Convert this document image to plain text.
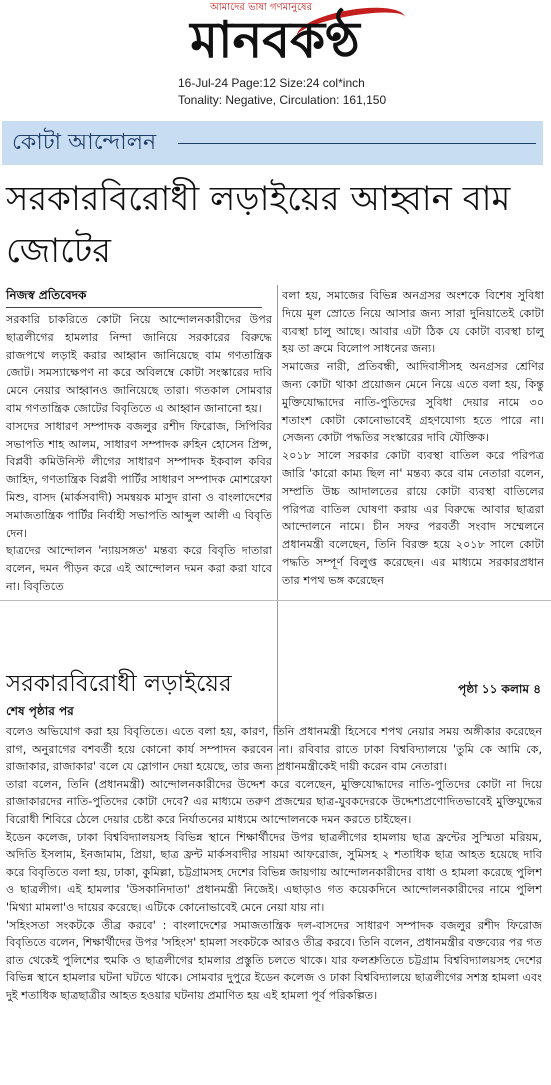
আমাদের ভাষা গণমানুষের
মানবকণ্ঠ
16-Jul-24 Page:12 Size:24 col*inch
Tonality: Negative, Circulation: 161,150
কোটা আন্দোলন
সরকারবিরোধী লড়াইয়ের আহ্বান বাম জোটের
নিজস্ব প্রতিবেদক

সরকারি চাকরিতে কোটা নিয়ে আন্দোলনকারীদের উপর ছাত্রলীগের হামলার নিন্দা জানিয়ে সরকারের বিরুদ্ধে রাজপথে লড়াই করার আহ্বান জানিয়েছে বাম গণতান্ত্রিক জোট। সমস্যাক্ষেপণ না করে অবিলম্বে কোটা সংস্কারের দাবি মেনে নেয়ার আহ্বানও জানিয়েছে তারা। গতকাল সোমবার বাম গণতান্ত্রিক জোটের বিবৃতিতে এ আহ্বান জানানো হয়।

বাসদের সাধারণ সম্পাদক বজলুর রশীদ ফিরোজ, সিপিবির সভাপতি শাহ আলম, সাধারণ সম্পাদক রুহিন হোসেন প্রিন্স, বিপ্লবী কমিউনিস্ট লীগের সাধারণ সম্পাদক ইকবাল কবির জাহিদ, গণতান্ত্রিক বিপ্লবী পার্টির সাধারণ সম্পাদক মোশরেফা মিশু, বাসদ (মার্কসবাদী) সমন্বয়ক মাসুদ রানা ও বাংলাদেশের সমাজতান্ত্রিক পার্টির নির্বাহী সভাপতি আব্দুল আলী এ বিবৃতি দেন।

ছাত্রদের আন্দোলন 'ন্যায়সঙ্গত' মন্তব্য করে বিবৃতি দাতারা বলেন, দমন পীড়ন করে এই আন্দোলন দমন করা করা যাবে না। বিবৃতিতে

বলা হয়, সমাজের বিভিন্ন অনগ্রসর অংশকে বিশেষ সুবিধা দিয়ে মূল স্রোতে নিয়ে আসার জন্য সারা দুনিয়াতেই কোটা ব্যবস্থা চালু আছে। আবার এটা ঠিক যে কোটা ব্যবস্থা চালু হয় তা ক্রমে বিলোপ সাধনের জন্য।

সমাজের নারী, প্রতিবন্ধী, আদিবাসীসহ অনগ্রসর শ্রেণির জন্য কোটা থাকা প্রয়োজন মেনে নিয়ে এতে বলা হয়, কিন্তু মুক্তিযোদ্ধাদের নাতি-পুতিদের সুবিধা দেয়ার নামে ৩০ শতাংশ কোটা কোনোভাবেই গ্রহণযোগ্য হতে পারে না। সেজন্য কোটা পদ্ধতির সংস্কারের দাবি যৌক্তিক।

২০১৮ সালে সরকার কোটা ব্যবস্থা বাতিল করে পরিপত্র জারি 'কারো কাম্য ছিল না' মন্তব্য করে বাম নেতারা বলেন, সম্প্রতি উচ্চ আদালতের রায়ে কোটা ব্যবস্থা বাতিলের পরিপত্র বাতিল ঘোষণা করায় এর বিরুদ্ধে আবার ছাত্ররা আন্দোলনে নামে। চীন সফর পরবর্তী সংবাদ সম্মেলনে প্রধানমন্ত্রী বলেছেন, তিনি বিরক্ত হয়ে ২০১৮ সালে কোটা পদ্ধতি সম্পূর্ণ বিলুপ্ত করেছেন। এর মাধ্যমে সরকারপ্রধান তার শপথ ভঙ্গ করেছেন

পৃষ্ঠা ১১ কলাম ৪
সরকারবিরোধী লড়াইয়ের
শেষ পৃষ্ঠার পর

বলেও অভিযোগ করা হয় বিবৃতিতে। এতে বলা হয়, কারণ, তিনি প্রধানমন্ত্রী হিসেবে শপথ নেয়ার সময় অঙ্গীকার করেছেন রাগ, অনুরাগের বশবর্তী হয়ে কোনো কার্য সম্পাদন করবেন না। রবিবার রাতে ঢাকা বিশ্ববিদ্যালয়ে 'তুমি কে আমি কে, রাজাকার, রাজাকার' বলে যে স্লোগান দেয়া হয়েছে, তার জন্য প্রধানমন্ত্রীকেই দায়ী করেন বাম নেতারা।

তারা বলেন, তিনি (প্রধানমন্ত্রী) আন্দোলনকারীদের উদ্দেশ করে বলেছেন, মুক্তিযোদ্ধাদের নাতি-পুতিদের কোটা না দিয়ে রাজাকারদের নাতি-পুতিদের কোটা দেবে? এর মাধ্যমে তরুণ প্রজন্মের ছাত্র-যুবকদেরকে উদ্দেশ্যপ্রণোদিতভাবেই মুক্তিযুদ্ধের বিরোধী শিবিরে ঠেলে দেয়ার চেষ্টা করে নির্যাতনের মাধ্যমে আন্দোলনকে দমন করতে চাইছেন।

ইডেন কলেজ, ঢাকা বিশ্ববিদ্যালয়সহ বিভিন্ন স্থানে শিক্ষার্থীদের উপর ছাত্রলীগের হামলায় ছাত্র ফ্রন্টের সুস্মিতা মরিয়ম, অদিতি ইসলাম, ইনজামাম, প্রিয়া, ছাত্র ফ্রন্ট মার্কসবাদীর সায়মা আফরোজ, সুমিসহ ২ শতাধিক ছাত্র আহত হয়েছে দাবি করে বিবৃতিতে বলা হয়, ঢাকা, কুমিল্লা, চট্টগ্রামসহ দেশের বিভিন্ন জায়গায় আন্দোলনকারীদের বাধা ও হামলা করেছে পুলিশ ও ছাত্রলীগ। এই হামলার 'উসকানিদাতা' প্রধানমন্ত্রী নিজেই। এছাড়াও গত কয়েকদিনে আন্দোলনকারীদের নামে পুলিশ 'মিথ্যা মামলা'ও দায়ের করেছে। এটিকে কোনোভাবেই মেনে নেয়া যায় না।

'সহিংসতা সংকটকে তীব্র করবে' : বাংলাদেশের সমাজতান্ত্রিক দল-বাসদের সাধারণ সম্পাদক বজলুর রশীদ ফিরোজ বিবৃতিতে বলেন, শিক্ষার্থীদের উপর 'সহিংস' হামলা সংকটকে আরও তীব্র করবে। তিনি বলেন, প্রধানমন্ত্রীর বক্তব্যের পর গত রাত থেকেই পুলিশের হুমকি ও ছাত্রলীগের হামলার প্রস্তুতি চলতে থাকে। যার ফলশ্রুতিতে চট্টগ্রাম বিশ্ববিদ্যালয়সহ দেশের বিভিন্ন স্থানে হামলার ঘটনা ঘটতে থাকে। সোমবার দুপুরে ইডেন কলেজ ও ঢাকা বিশ্ববিদ্যালয়ে ছাত্রলীগের সশস্ত্র হামলা এবং দুই শতাধিক ছাত্রছাত্রীর আহত হওয়ার ঘটনায় প্রমাণিত হয় এই হামলা পূর্ব পরিকল্পিত।
